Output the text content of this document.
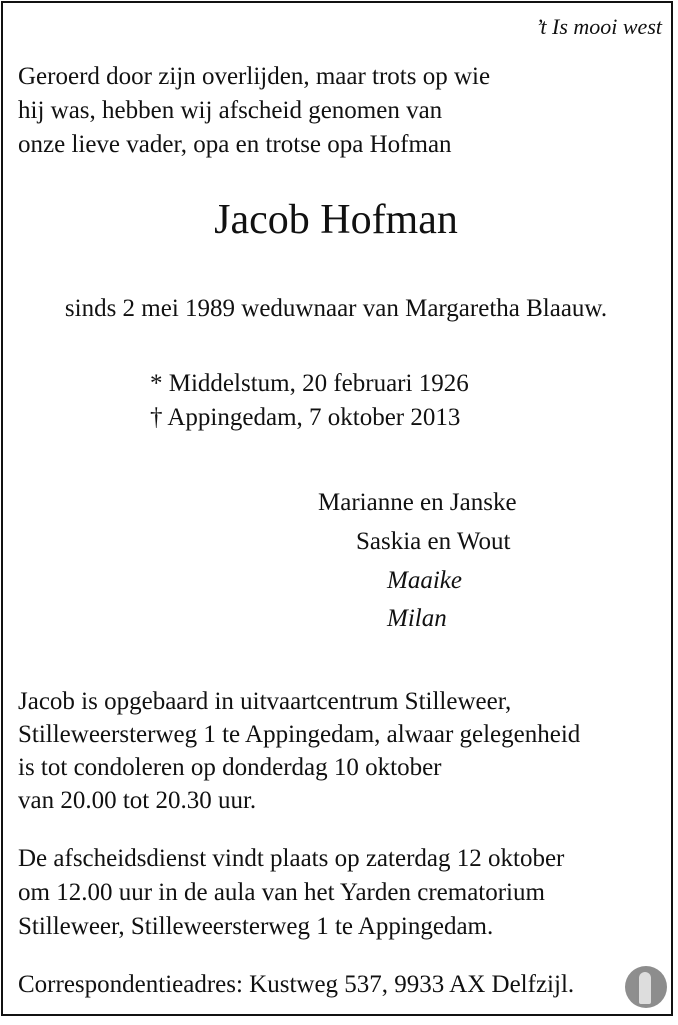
’t Is mooi west
Geroerd door zijn overlijden, maar trots op wie
hij was, hebben wij afscheid genomen van
onze lieve vader, opa en trotse opa Hofman
Jacob Hofman
sinds 2 mei 1989 weduwnaar van Margaretha Blaauw.
* Middelstum, 20 februari 1926
† Appingedam, 7 oktober 2013
Marianne en Janske
Saskia en Wout
Maaike
Milan
Jacob is opgebaard in uitvaartcentrum Stilleweer,
Stilleweersterweg 1 te Appingedam, alwaar gelegenheid
is tot condoleren op donderdag 10 oktober
van 20.00 tot 20.30 uur.
De afscheidsdienst vindt plaats op zaterdag 12 oktober
om 12.00 uur in de aula van het Yarden crematorium
Stilleweer, Stilleweersterweg 1 te Appingedam.
Correspondentieadres: Kustweg 537, 9933 AX Delfzijl.
